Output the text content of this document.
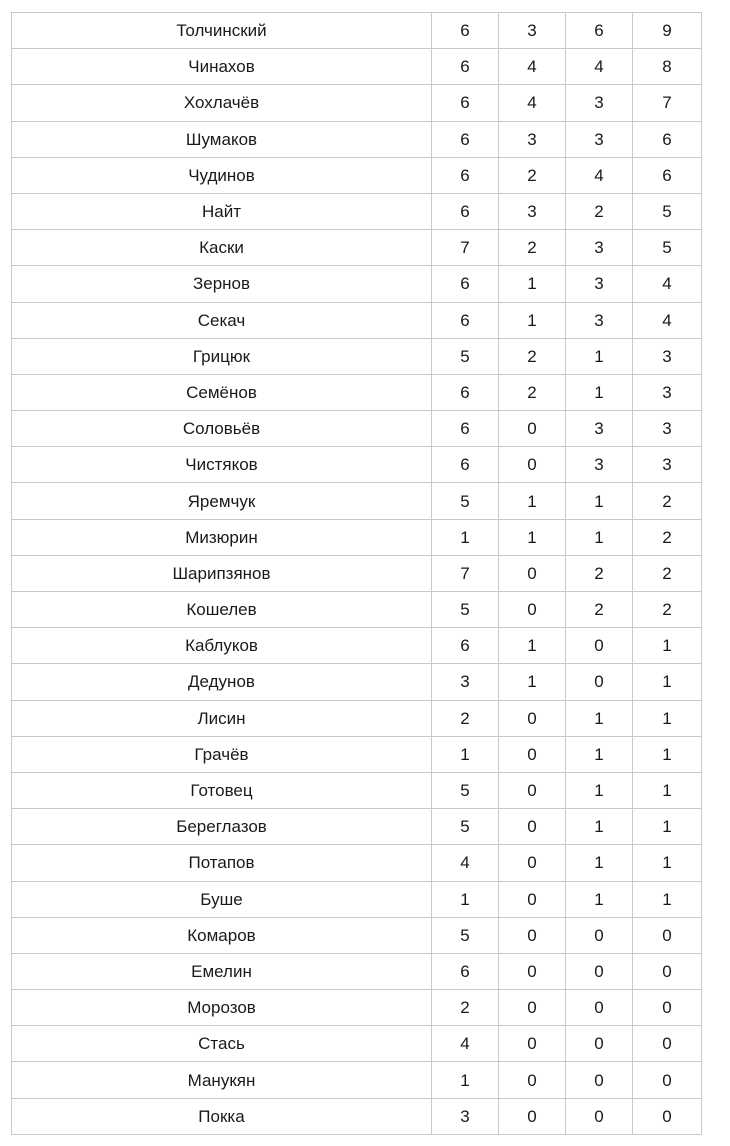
Толчинский	6	3	6	9
Чинахов	6	4	4	8
Хохлачёв	6	4	3	7
Шумаков	6	3	3	6
Чудинов	6	2	4	6
Найт	6	3	2	5
Каски	7	2	3	5
Зернов	6	1	3	4
Секач	6	1	3	4
Грицюк	5	2	1	3
Семёнов	6	2	1	3
Соловьёв	6	0	3	3
Чистяков	6	0	3	3
Яремчук	5	1	1	2
Мизюрин	1	1	1	2
Шарипзянов	7	0	2	2
Кошелев	5	0	2	2
Каблуков	6	1	0	1
Дедунов	3	1	0	1
Лисин	2	0	1	1
Грачёв	1	0	1	1
Готовец	5	0	1	1
Береглазов	5	0	1	1
Потапов	4	0	1	1
Буше	1	0	1	1
Комаров	5	0	0	0
Емелин	6	0	0	0
Морозов	2	0	0	0
Стась	4	0	0	0
Манукян	1	0	0	0
Покка	3	0	0	0
